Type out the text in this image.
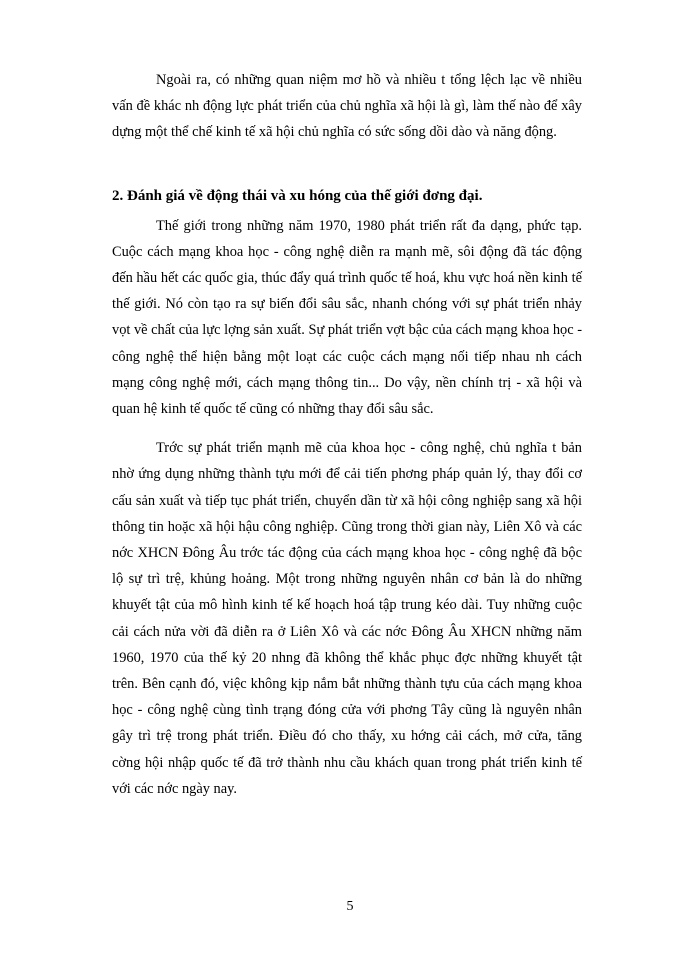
Ngoài ra, có những quan niệm mơ hồ và nhiều t tổng lệch lạc về nhiều vấn đề khác nh động lực phát triển của chủ nghĩa xã hội là gì, làm thế nào để xây dựng một thể chế kinh tế xã hội chủ nghĩa có sức sống dồi dào và năng động.

2. Đánh giá về động thái và xu hóng của thế giới đơng đại.

Thế giới trong những năm 1970, 1980 phát triển rất đa dạng, phức tạp. Cuộc cách mạng khoa học - công nghệ diễn ra mạnh mẽ, sôi động đã tác động đến hầu hết các quốc gia, thúc đẩy quá trình quốc tế hoá, khu vực hoá nền kinh tế thế giới. Nó còn tạo ra sự biến đổi sâu sắc, nhanh chóng với sự phát triển nhảy vọt về chất của lực lợng sản xuất. Sự phát triển vợt bậc của cách mạng khoa học - công nghệ thể hiện bằng một loạt các cuộc cách mạng nối tiếp nhau nh cách mạng công nghệ mới, cách mạng thông tin... Do vậy, nền chính trị - xã hội và quan hệ kinh tế quốc tế cũng có những thay đổi sâu sắc.

Trớc sự phát triển mạnh mẽ của khoa học - công nghệ, chủ nghĩa t bản nhờ ứng dụng những thành tựu mới để cải tiến phơng pháp quản lý, thay đổi cơ cấu sản xuất và tiếp tục phát triển, chuyển dần từ xã hội công nghiệp sang xã hội thông tin hoặc xã hội hậu công nghiệp. Cũng trong thời gian này, Liên Xô và các nớc XHCN Đông Âu trớc tác động của cách mạng khoa học - công nghệ đã bộc lộ sự trì trệ, khủng hoảng. Một trong những nguyên nhân cơ bản là do những khuyết tật của mô hình kinh tế kế hoạch hoá tập trung kéo dài. Tuy những cuộc cải cách nửa vời đã diễn ra ở Liên Xô và các nớc Đông Âu XHCN những năm 1960, 1970 của thế kỷ 20 nhng đã không thể khắc phục đợc những khuyết tật trên. Bên cạnh đó, việc không kịp nắm bắt những thành tựu của cách mạng khoa học - công nghệ cùng tình trạng đóng cửa với phơng Tây cũng là nguyên nhân gây trì trệ trong phát triển. Điều đó cho thấy, xu hớng cải cách, mở cửa, tăng cờng hội nhập quốc tế đã trở thành nhu cầu khách quan trong phát triển kinh tế với các nớc ngày nay.

5
